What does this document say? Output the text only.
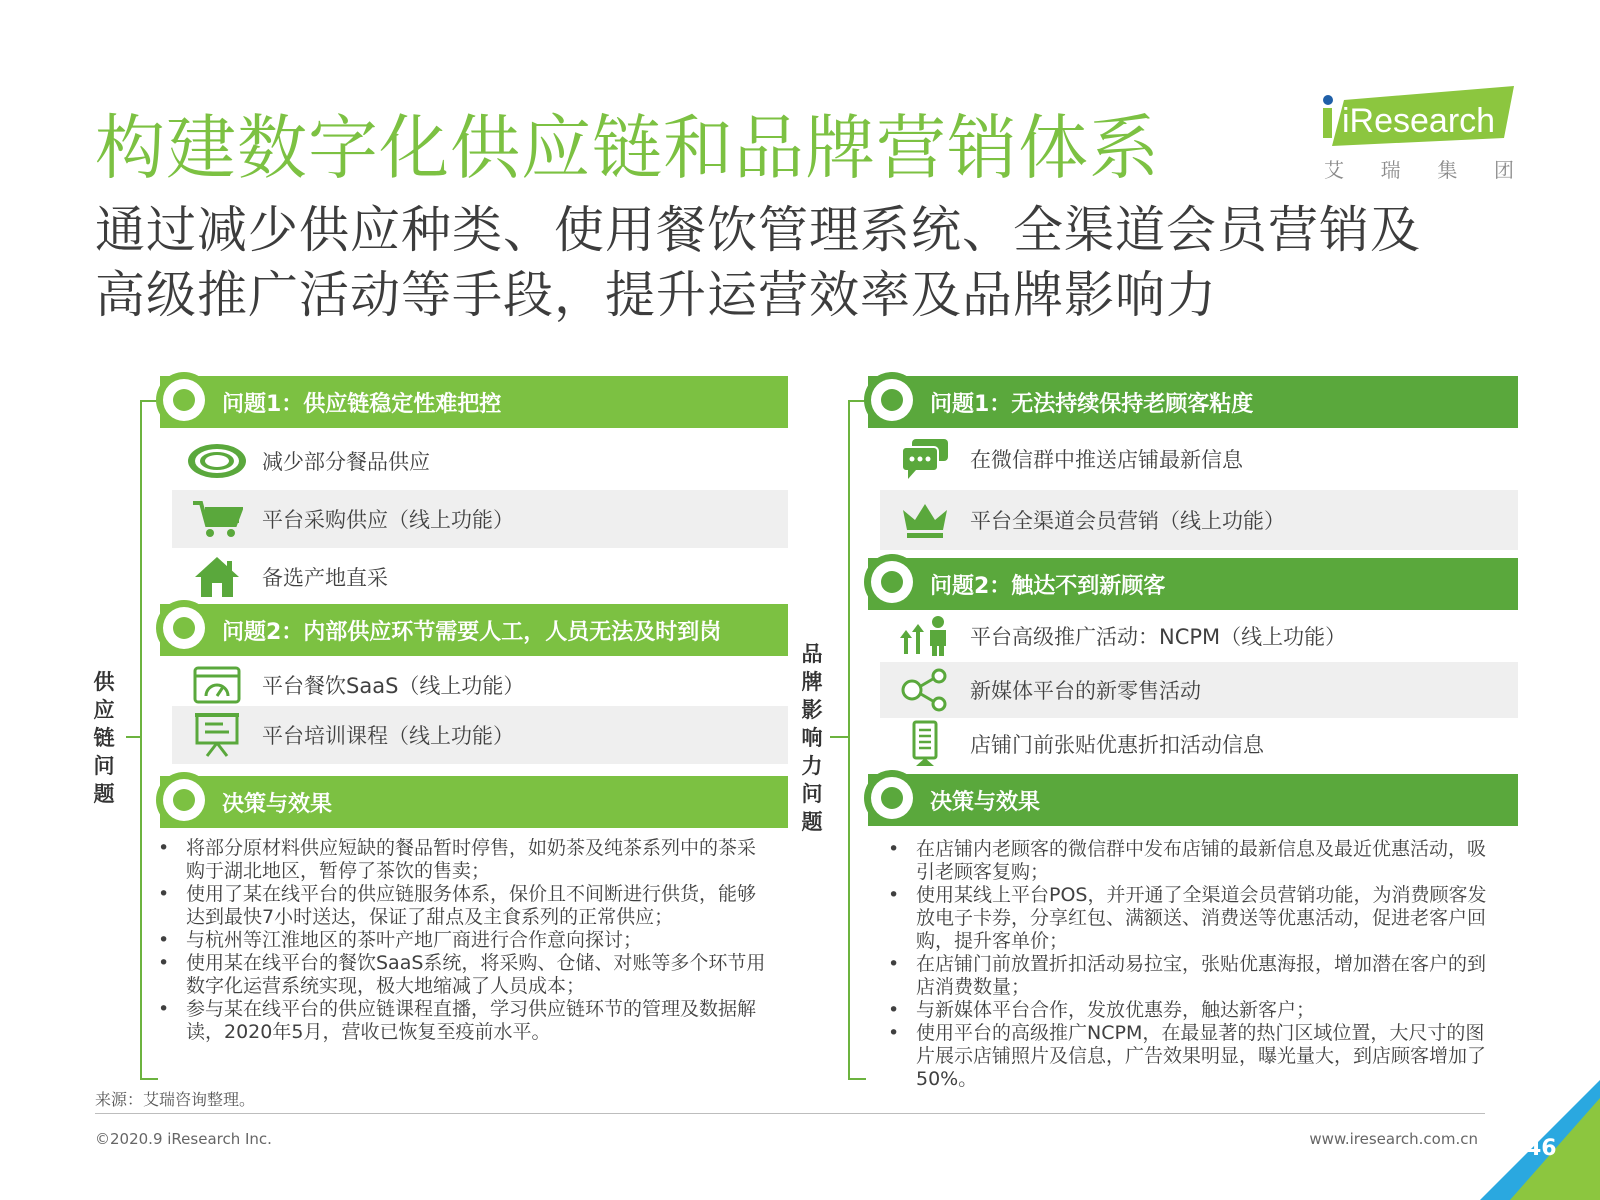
构建数字化供应链和品牌营销体系
通过减少供应种类、使用餐饮管理系统、全渠道会员营销及
高级推广活动等手段，提升运营效率及品牌影响力
iResearch
艾 瑞 集 团
供
应
链
问
题
问题1：供应链稳定性难把控
减少部分餐品供应
平台采购供应（线上功能）
备选产地直采
问题2：内部供应环节需要人工，人员无法及时到岗
平台餐饮SaaS（线上功能）
平台培训课程（线上功能）
决策与效果
• 将部分原材料供应短缺的餐品暂时停售，如奶茶及纯茶系列中的茶采购于湖北地区，暂停了茶饮的售卖；
• 使用了某在线平台的供应链服务体系，保价且不间断进行供货，能够达到最快7小时送达，保证了甜点及主食系列的正常供应；
• 与杭州等江淮地区的茶叶产地厂商进行合作意向探讨；
• 使用某在线平台的餐饮SaaS系统，将采购、仓储、对账等多个环节用数字化运营系统实现，极大地缩减了人员成本；
• 参与某在线平台的供应链课程直播，学习供应链环节的管理及数据解读，2020年5月，营收已恢复至疫前水平。
品
牌
影
响
力
问
题
问题1：无法持续保持老顾客粘度
在微信群中推送店铺最新信息
平台全渠道会员营销（线上功能）
问题2：触达不到新顾客
平台高级推广活动：NCPM（线上功能）
新媒体平台的新零售活动
店铺门前张贴优惠折扣活动信息
决策与效果
• 在店铺内老顾客的微信群中发布店铺的最新信息及最近优惠活动，吸引老顾客复购；
• 使用某线上平台POS，并开通了全渠道会员营销功能，为消费顾客发放电子卡券，分享红包、满额送、消费送等优惠活动，促进老客户回购，提升客单价；
• 在店铺门前放置折扣活动易拉宝，张贴优惠海报，增加潜在客户的到店消费数量；
• 与新媒体平台合作，发放优惠券，触达新客户；
• 使用平台的高级推广NCPM，在最显著的热门区域位置，大尺寸的图片展示店铺照片及信息，广告效果明显，曝光量大，到店顾客增加了50%。
来源：艾瑞咨询整理。
©2020.9 iResearch Inc.	www.iresearch.com.cn 46
